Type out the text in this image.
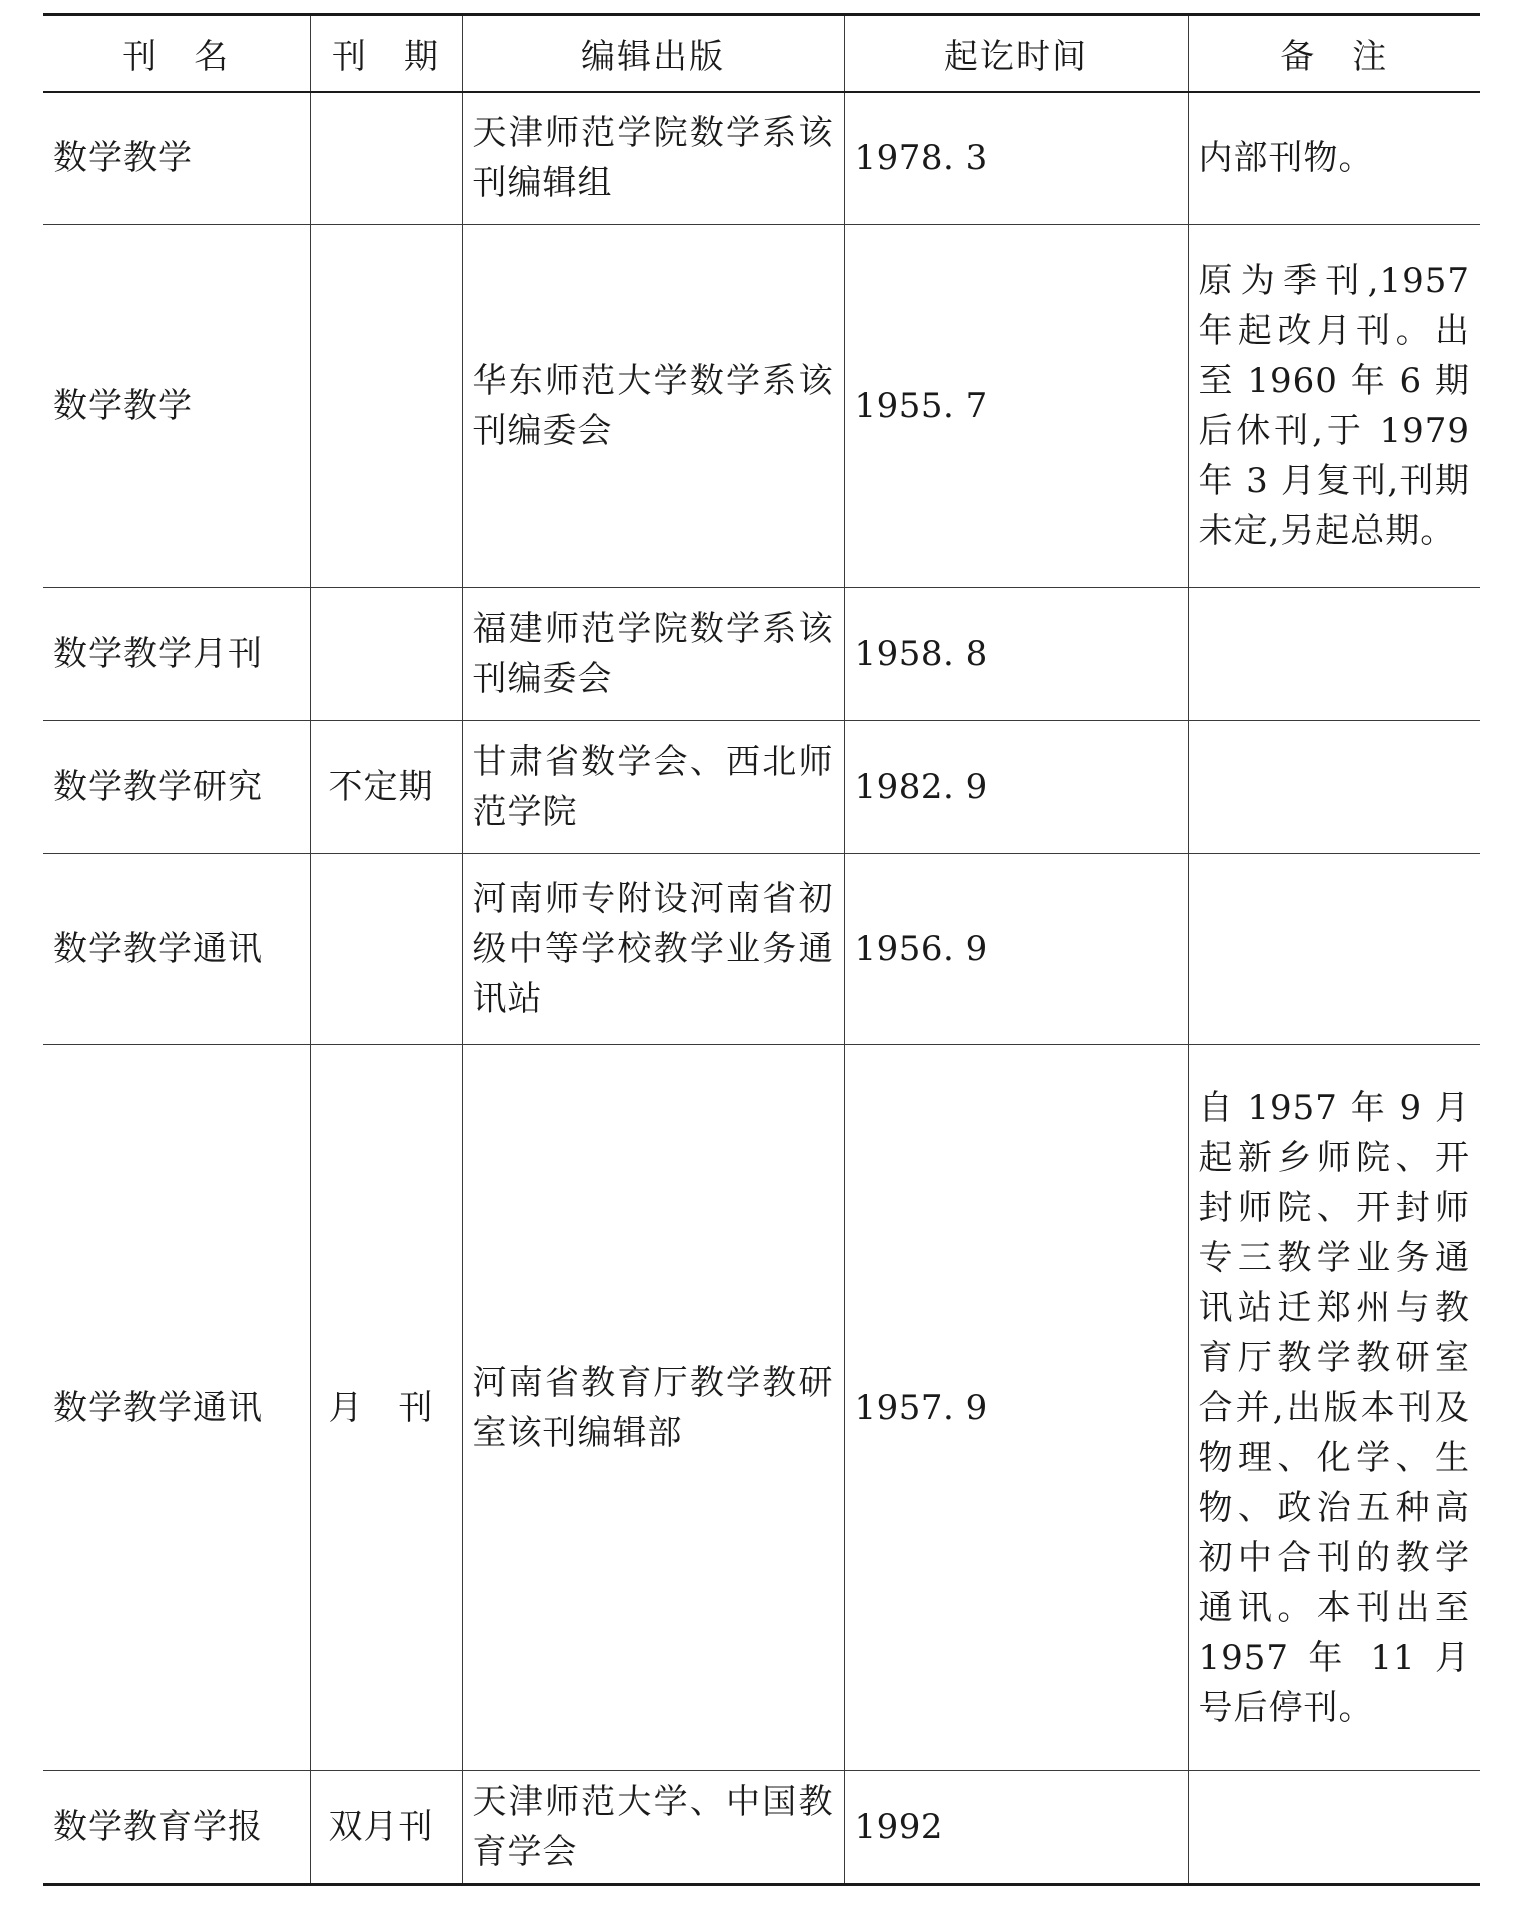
刊　名	刊　期	编辑出版	起讫时间	备　注
数学教学		天津师范学院数学系该刊编辑组	1978. 3	内部刊物。
数学教学		华东师范大学数学系该刊编委会	1955. 7	原为季刊,1957 年起改月刊。出至 1960 年 6 期后休刊,于 1979 年 3 月复刊,刊期未定,另起总期。
数学教学月刊		福建师范学院数学系该刊编委会	1958. 8	
数学教学研究	不定期	甘肃省数学会、西北师范学院	1982. 9	
数学教学通讯		河南师专附设河南省初级中等学校教学业务通讯站	1956. 9	
数学教学通讯	月　刊	河南省教育厅教学教研室该刊编辑部	1957. 9	自 1957 年 9 月起新乡师院、开封师院、开封师专三教学业务通讯站迁郑州与教育厅教学教研室合并,出版本刊及物理、化学、生物、政治五种高初中合刊的教学通讯。本刊出至 1957 年 11 月号后停刊。
数学教育学报	双月刊	天津师范大学、中国教育学会	1992	
